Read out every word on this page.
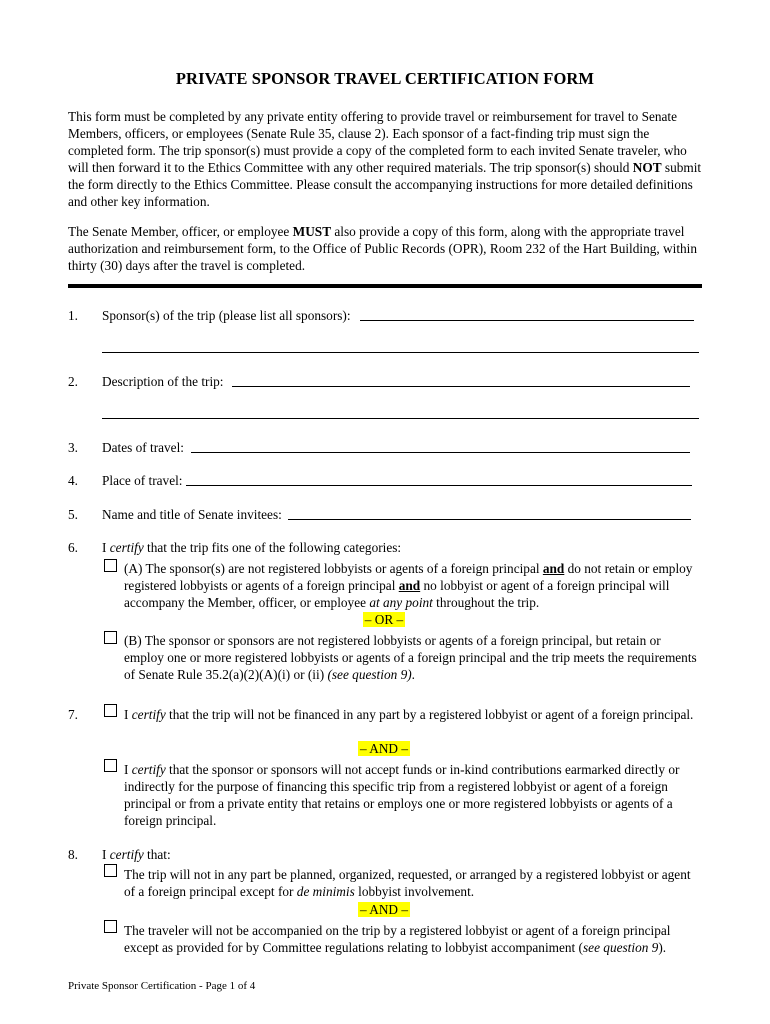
PRIVATE SPONSOR TRAVEL CERTIFICATION FORM
This form must be completed by any private entity offering to provide travel or reimbursement for travel to Senate Members, officers, or employees (Senate Rule 35, clause 2). Each sponsor of a fact-finding trip must sign the completed form. The trip sponsor(s) must provide a copy of the completed form to each invited Senate traveler, who will then forward it to the Ethics Committee with any other required materials. The trip sponsor(s) should NOT submit the form directly to the Ethics Committee. Please consult the accompanying instructions for more detailed definitions and other key information.
The Senate Member, officer, or employee MUST also provide a copy of this form, along with the appropriate travel authorization and reimbursement form, to the Office of Public Records (OPR), Room 232 of the Hart Building, within thirty (30) days after the travel is completed.
1.	Sponsor(s) of the trip (please list all sponsors):
2.	Description of the trip:
3.	Dates of travel:
4.	Place of travel:
5.	Name and title of Senate invitees:
6.	I certify that the trip fits one of the following categories:
(A) The sponsor(s) are not registered lobbyists or agents of a foreign principal and do not retain or employ registered lobbyists or agents of a foreign principal and no lobbyist or agent of a foreign principal will accompany the Member, officer, or employee at any point throughout the trip.
– OR –
(B) The sponsor or sponsors are not registered lobbyists or agents of a foreign principal, but retain or employ one or more registered lobbyists or agents of a foreign principal and the trip meets the requirements of Senate Rule 35.2(a)(2)(A)(i) or (ii) (see question 9).
7.	I certify that the trip will not be financed in any part by a registered lobbyist or agent of a foreign principal.
– AND –
I certify that the sponsor or sponsors will not accept funds or in-kind contributions earmarked directly or indirectly for the purpose of financing this specific trip from a registered lobbyist or agent of a foreign principal or from a private entity that retains or employs one or more registered lobbyists or agents of a foreign principal.
8.	I certify that:
The trip will not in any part be planned, organized, requested, or arranged by a registered lobbyist or agent of a foreign principal except for de minimis lobbyist involvement.
– AND –
The traveler will not be accompanied on the trip by a registered lobbyist or agent of a foreign principal except as provided for by Committee regulations relating to lobbyist accompaniment (see question 9).
Private Sponsor Certification - Page 1 of 4
